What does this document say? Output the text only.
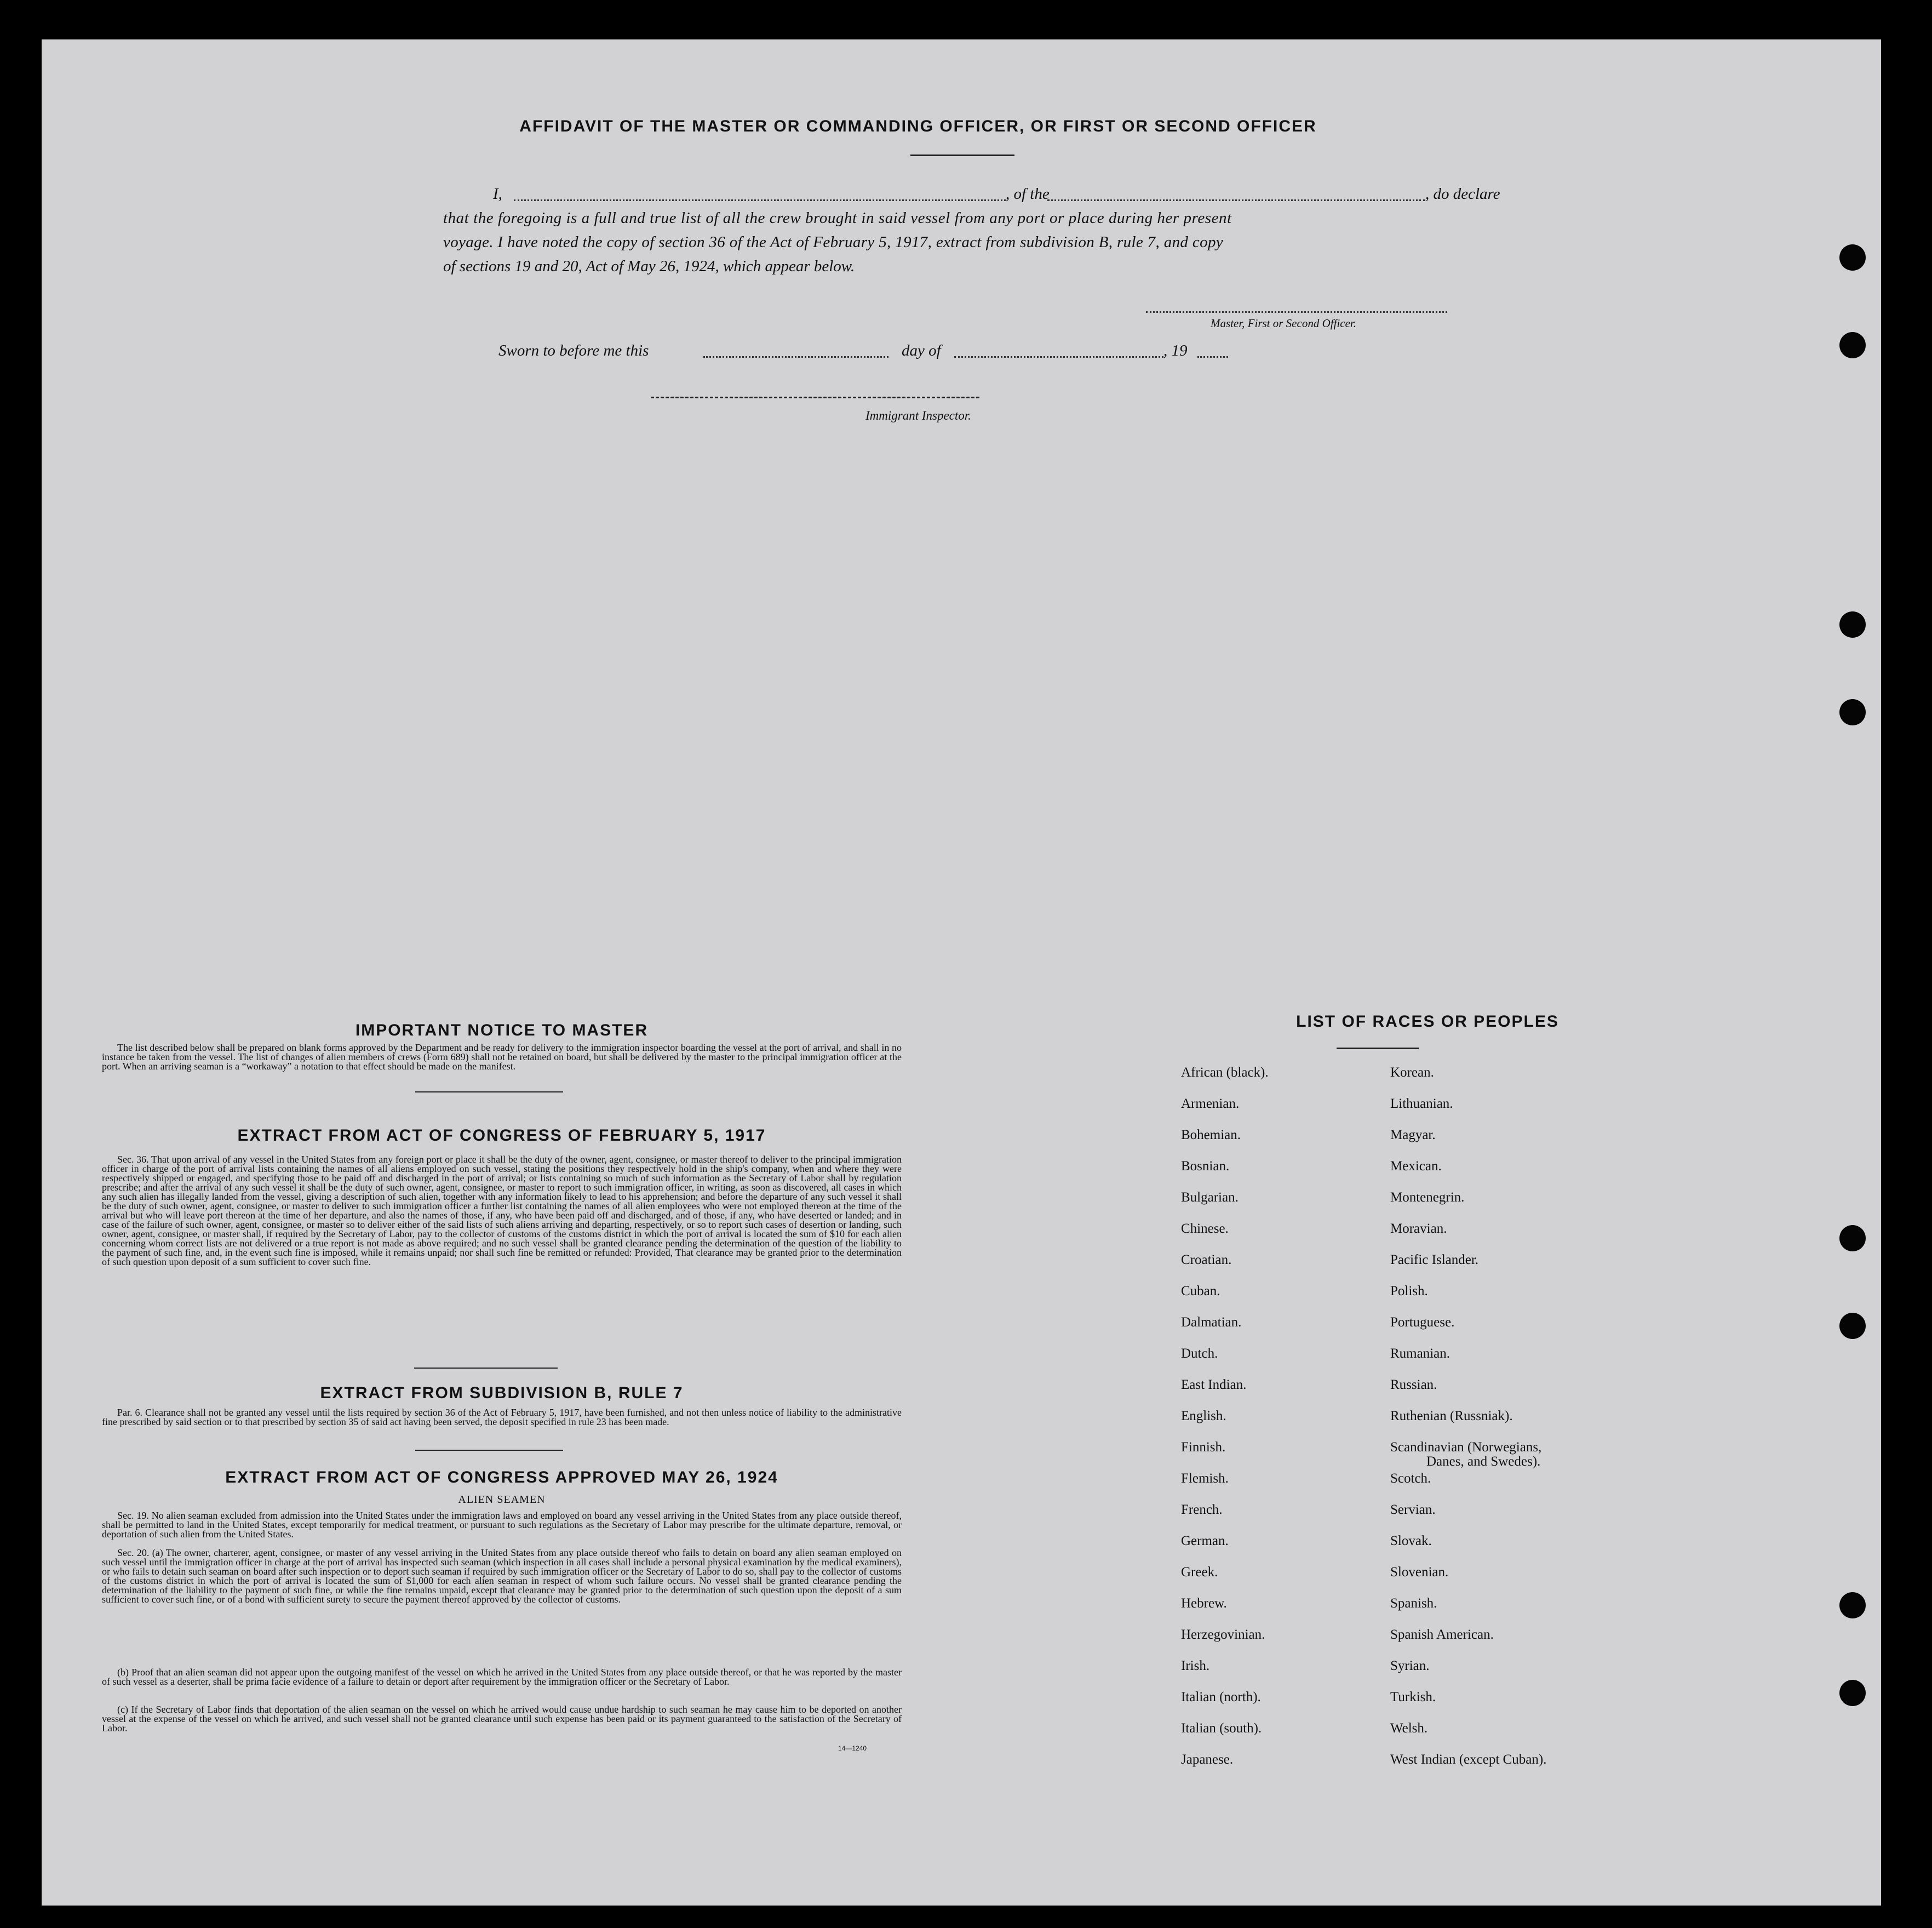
AFFIDAVIT OF THE MASTER OR COMMANDING OFFICER, OR FIRST OR SECOND OFFICER
I,	, of the	, do declare
that the foregoing is a full and true list of all the crew brought in said vessel from any port or place during her present
voyage. I have noted the copy of section 36 of the Act of February 5, 1917, extract from subdivision B, rule 7, and copy
of sections 19 and 20, Act of May 26, 1924, which appear below.
Master, First or Second Officer.
Sworn to before me this	day of	, 19
Immigrant Inspector.
IMPORTANT NOTICE TO MASTER
The list described below shall be prepared on blank forms approved by the Department and be ready for delivery to the immigration inspector boarding the vessel at the port of arrival, and shall in no instance be taken from the vessel. The list of changes of alien members of crews (Form 689) shall not be retained on board, but shall be delivered by the master to the principal immigration officer at the port. When an arriving seaman is a “workaway” a notation to that effect should be made on the manifest.
EXTRACT FROM ACT OF CONGRESS OF FEBRUARY 5, 1917
Sec. 36. That upon arrival of any vessel in the United States from any foreign port or place it shall be the duty of the owner, agent, consignee, or master thereof to deliver to the principal immigration officer in charge of the port of arrival lists containing the names of all aliens employed on such vessel, stating the positions they respectively hold in the ship's company, when and where they were respectively shipped or engaged, and specifying those to be paid off and discharged in the port of arrival; or lists containing so much of such information as the Secretary of Labor shall by regulation prescribe; and after the arrival of any such vessel it shall be the duty of such owner, agent, consignee, or master to report to such immigration officer, in writing, as soon as discovered, all cases in which any such alien has illegally landed from the vessel, giving a description of such alien, together with any information likely to lead to his apprehension; and before the departure of any such vessel it shall be the duty of such owner, agent, consignee, or master to deliver to such immigration officer a further list containing the names of all alien employees who were not employed thereon at the time of the arrival but who will leave port thereon at the time of her departure, and also the names of those, if any, who have been paid off and discharged, and of those, if any, who have deserted or landed; and in case of the failure of such owner, agent, consignee, or master so to deliver either of the said lists of such aliens arriving and departing, respectively, or so to report such cases of desertion or landing, such owner, agent, consignee, or master shall, if required by the Secretary of Labor, pay to the collector of customs of the customs district in which the port of arrival is located the sum of $10 for each alien concerning whom correct lists are not delivered or a true report is not made as above required; and no such vessel shall be granted clearance pending the determination of the question of the liability to the payment of such fine, and, in the event such fine is imposed, while it remains unpaid; nor shall such fine be remitted or refunded: Provided, That clearance may be granted prior to the determination of such question upon deposit of a sum sufficient to cover such fine.
EXTRACT FROM SUBDIVISION B, RULE 7
Par. 6. Clearance shall not be granted any vessel until the lists required by section 36 of the Act of February 5, 1917, have been furnished, and not then unless notice of liability to the administrative fine prescribed by said section or to that prescribed by section 35 of said act having been served, the deposit specified in rule 23 has been made.
EXTRACT FROM ACT OF CONGRESS APPROVED MAY 26, 1924
ALIEN SEAMEN
Sec. 19. No alien seaman excluded from admission into the United States under the immigration laws and employed on board any vessel arriving in the United States from any place outside thereof, shall be permitted to land in the United States, except temporarily for medical treatment, or pursuant to such regulations as the Secretary of Labor may prescribe for the ultimate departure, removal, or deportation of such alien from the United States.
Sec. 20. (a) The owner, charterer, agent, consignee, or master of any vessel arriving in the United States from any place outside thereof who fails to detain on board any alien seaman employed on such vessel until the immigration officer in charge at the port of arrival has inspected such seaman (which inspection in all cases shall include a personal physical examination by the medical examiners), or who fails to detain such seaman on board after such inspection or to deport such seaman if required by such immigration officer or the Secretary of Labor to do so, shall pay to the collector of customs of the customs district in which the port of arrival is located the sum of $1,000 for each alien seaman in respect of whom such failure occurs. No vessel shall be granted clearance pending the determination of the liability to the payment of such fine, or while the fine remains unpaid, except that clearance may be granted prior to the determination of such question upon the deposit of a sum sufficient to cover such fine, or of a bond with sufficient surety to secure the payment thereof approved by the collector of customs.
(b) Proof that an alien seaman did not appear upon the outgoing manifest of the vessel on which he arrived in the United States from any place outside thereof, or that he was reported by the master of such vessel as a deserter, shall be prima facie evidence of a failure to detain or deport after requirement by the immigration officer or the Secretary of Labor.
(c) If the Secretary of Labor finds that deportation of the alien seaman on the vessel on which he arrived would cause undue hardship to such seaman he may cause him to be deported on another vessel at the expense of the vessel on which he arrived, and such vessel shall not be granted clearance until such expense has been paid or its payment guaranteed to the satisfaction of the Secretary of Labor.
14—1240
LIST OF RACES OR PEOPLES
African (black).
Armenian.
Bohemian.
Bosnian.
Bulgarian.
Chinese.
Croatian.
Cuban.
Dalmatian.
Dutch.
East Indian.
English.
Finnish.
Flemish.
French.
German.
Greek.
Hebrew.
Herzegovinian.
Irish.
Italian (north).
Italian (south).
Japanese.
Korean.
Lithuanian.
Magyar.
Mexican.
Montenegrin.
Moravian.
Pacific Islander.
Polish.
Portuguese.
Rumanian.
Russian.
Ruthenian (Russniak).
Scandinavian (Norwegians,
Scotch.
Servian.
Slovak.
Slovenian.
Spanish.
Spanish American.
Syrian.
Turkish.
Welsh.
West Indian (except Cuban).
Danes, and Swedes).
